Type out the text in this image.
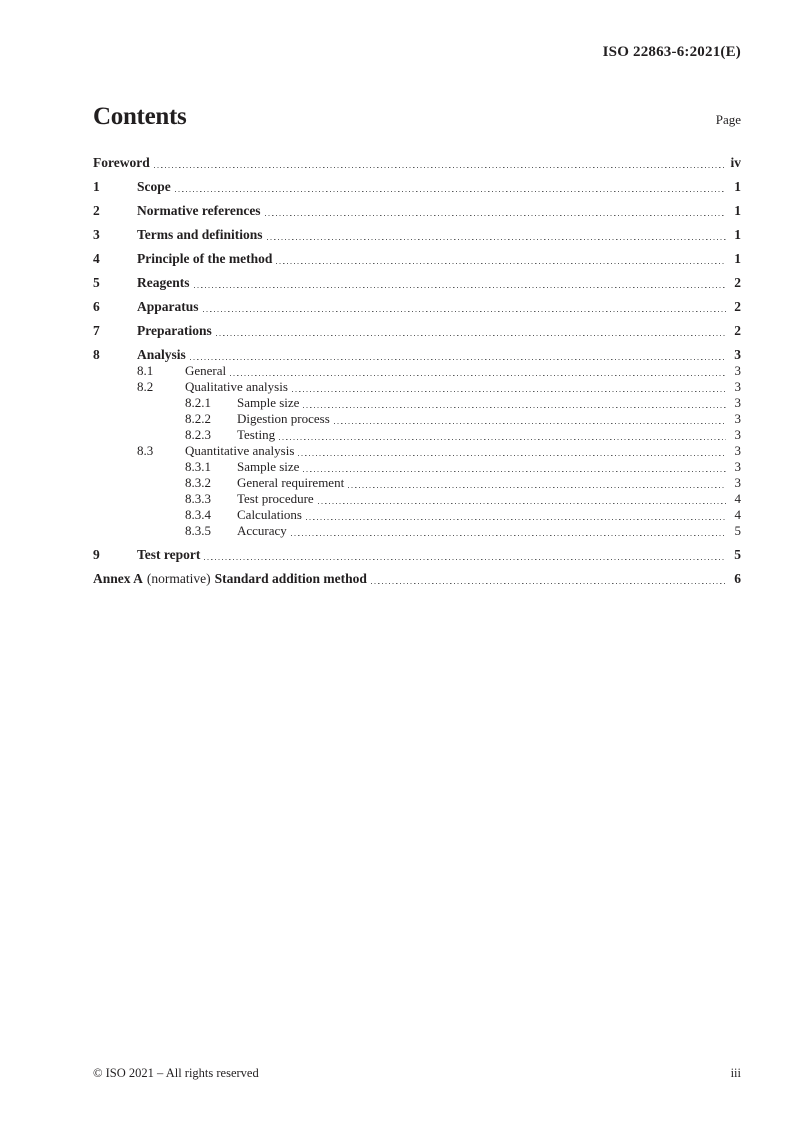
ISO 22863-6:2021(E)
Contents	Page
Foreword	iv
1	Scope	1
2	Normative references	1
3	Terms and definitions	1
4	Principle of the method	1
5	Reagents	2
6	Apparatus	2
7	Preparations	2
8	Analysis	3
8.1	General	3
8.2	Qualitative analysis	3
8.2.1	Sample size	3
8.2.2	Digestion process	3
8.2.3	Testing	3
8.3	Quantitative analysis	3
8.3.1	Sample size	3
8.3.2	General requirement	3
8.3.3	Test procedure	4
8.3.4	Calculations	4
8.3.5	Accuracy	5
9	Test report	5
Annex A (normative) Standard addition method	6
© ISO 2021 – All rights reserved	iii
